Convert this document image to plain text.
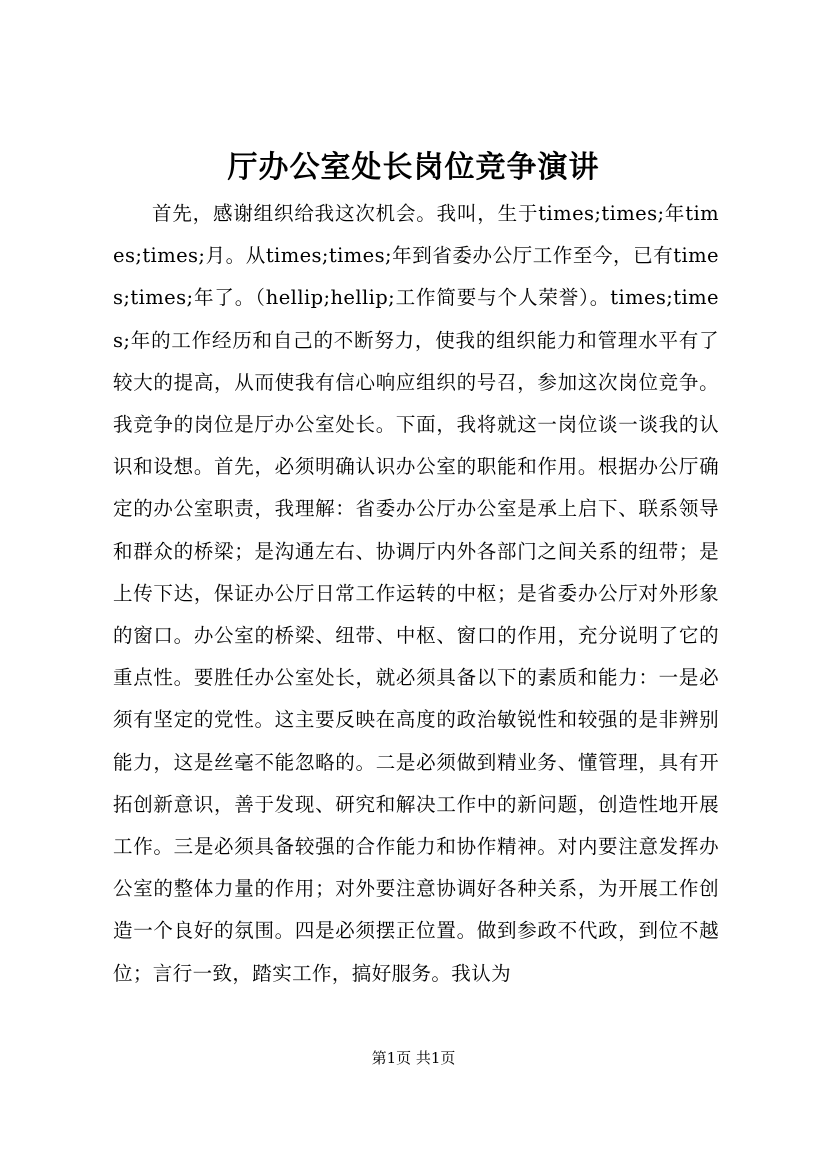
厅办公室处长岗位竞争演讲

首先，感谢组织给我这次机会。我叫，生于times;times;年times;times;月。从times;times;年到省委办公厅工作至今，已有times;times;年了。（hellip;hellip;工作简要与个人荣誉）。times;times;年的工作经历和自己的不断努力，使我的组织能力和管理水平有了较大的提高，从而使我有信心响应组织的号召，参加这次岗位竞争。我竞争的岗位是厅办公室处长。下面，我将就这一岗位谈一谈我的认识和设想。首先，必须明确认识办公室的职能和作用。根据办公厅确定的办公室职责，我理解：省委办公厅办公室是承上启下、联系领导和群众的桥梁；是沟通左右、协调厅内外各部门之间关系的纽带；是上传下达，保证办公厅日常工作运转的中枢；是省委办公厅对外形象的窗口。办公室的桥梁、纽带、中枢、窗口的作用，充分说明了它的重点性。要胜任办公室处长，就必须具备以下的素质和能力：一是必须有坚定的党性。这主要反映在高度的政治敏锐性和较强的是非辨别能力，这是丝毫不能忽略的。二是必须做到精业务、懂管理，具有开拓创新意识，善于发现、研究和解决工作中的新问题，创造性地开展工作。三是必须具备较强的合作能力和协作精神。对内要注意发挥办公室的整体力量的作用；对外要注意协调好各种关系，为开展工作创造一个良好的氛围。四是必须摆正位置。做到参政不代政，到位不越位；言行一致，踏实工作，搞好服务。我认为

第1页 共1页
